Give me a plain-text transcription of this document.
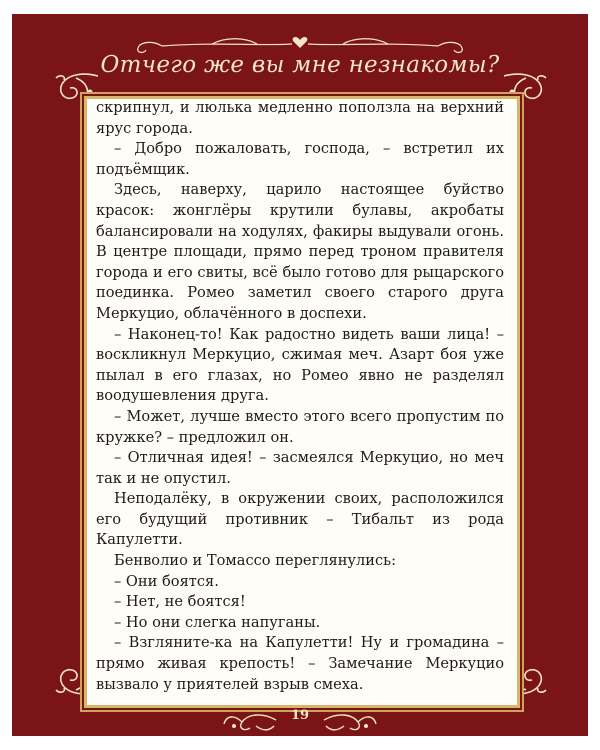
Отчего же вы мне незнакомы?

скрипнул, и люлька медленно поползла на верхний ярус города.

– Добро пожаловать, господа, – встретил их подъёмщик.

Здесь, наверху, царило настоящее буйство красок: жонглёры крутили булавы, акробаты балансировали на ходулях, факиры выдували огонь. В центре площади, прямо перед троном правителя города и его свиты, всё было готово для рыцарского поединка. Ромео заметил своего старого друга Меркуцио, облачённого в доспехи.

– Наконец-то! Как радостно видеть ваши лица! – воскликнул Меркуцио, сжимая меч. Азарт боя уже пылал в его глазах, но Ромео явно не разделял воодушевления друга.

– Может, лучше вместо этого всего пропустим по кружке? – предложил он.

– Отличная идея! – засмеялся Меркуцио, но меч так и не опустил.

Неподалёку, в окружении своих, расположился его будущий противник – Тибальт из рода Капулетти.

Бенволио и Томассо переглянулись:

– Они боятся.

– Нет, не боятся!

– Но они слегка напуганы.

– Взгляните-ка на Капулетти! Ну и громадина – прямо живая крепость! – Замечание Меркуцио вызвало у приятелей взрыв смеха.

19
